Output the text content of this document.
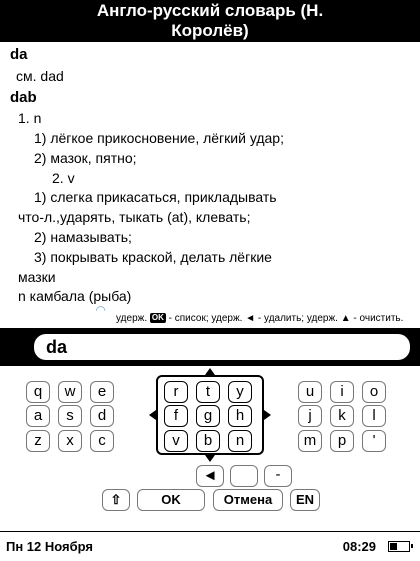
Англо-русский словарь (Н.
Королёв)
da
см. dad
dab
1. n
1) лёгкое прикосновение, лёгкий удар;
2) мазок, пятно;
2. v
1) слегка прикасаться, прикладывать
что-л.,ударять, тыкать (at), клевать;
2) намазывать;
3) покрывать краской, делать лёгкие
мазки
n камбала (рыба)
◜◝
удерж. OK - список; удерж. ◄ - удалить; удерж. ▲ - очистить.
da
q	w	e
a	s	d
z	x	c
r	t	y
f	g	h
v	b	n
u	i	o
j	k	l
m	p	'
◄	-
⇧	OK	Отмена	EN
Пн 12 Ноября	08:29
